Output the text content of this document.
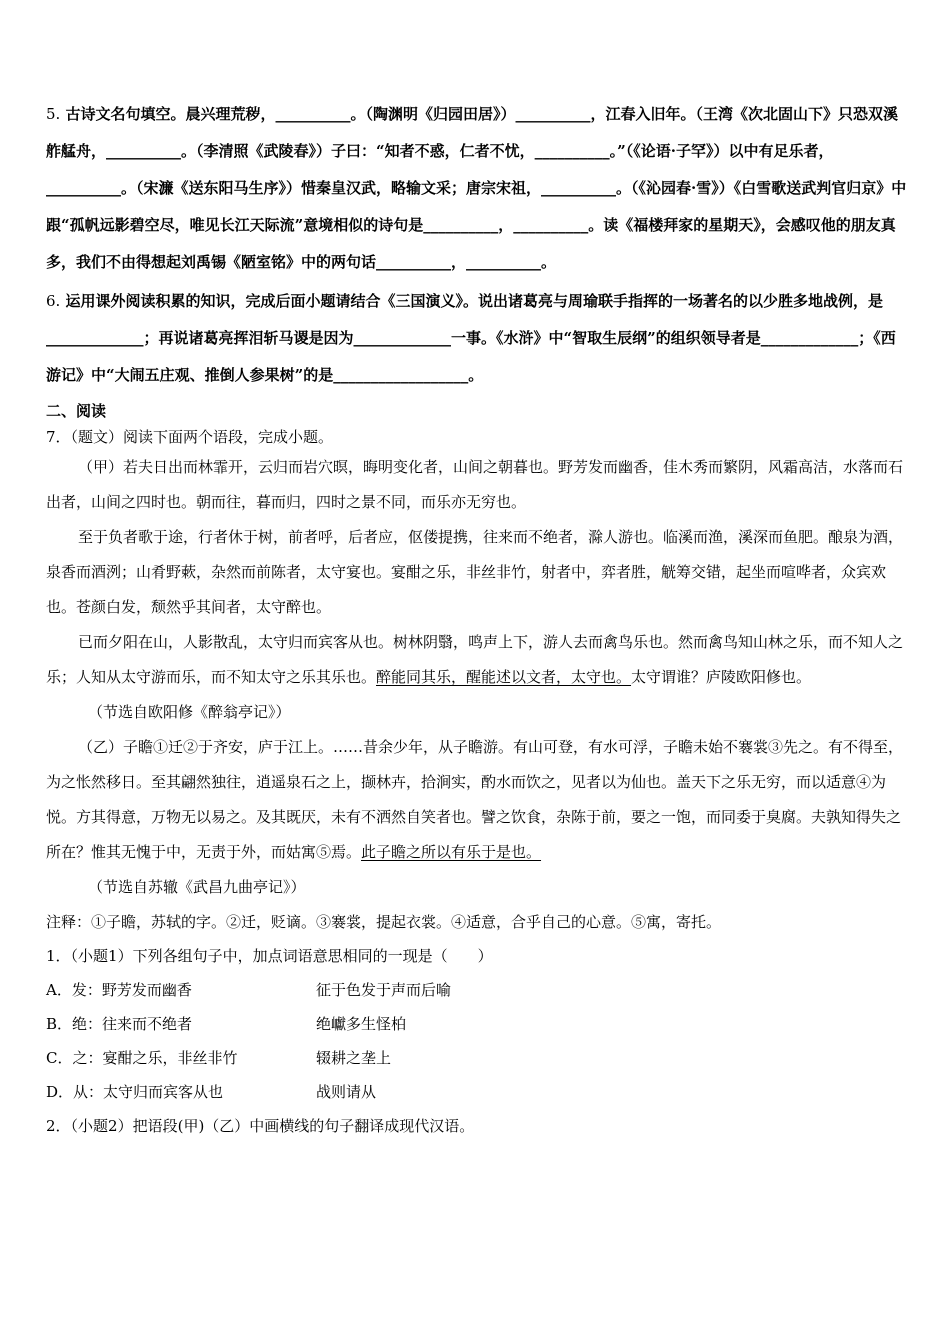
5. 古诗文名句填空。晨兴理荒秽，__________。（陶渊明《归园田居》）__________，江春入旧年。（王湾《次北固山下》只恐双溪舴艋舟，__________。（李清照《武陵春》）子曰：“知者不惑，仁者不忧，__________。”（《论语·子罕》）以中有足乐者，__________。（宋濂《送东阳马生序》）惜秦皇汉武，略输文采；唐宗宋祖，__________。（《沁园春·雪》）《白雪歌送武判官归京》中跟“孤帆远影碧空尽，唯见长江天际流”意境相似的诗句是__________，__________。读《福楼拜家的星期天》，会感叹他的朋友真多，我们不由得想起刘禹锡《陋室铭》中的两句话__________，__________。

6. 运用课外阅读积累的知识，完成后面小题请结合《三国演义》。说出诸葛亮与周瑜联手指挥的一场著名的以少胜多地战例，是_____________；再说诸葛亮挥泪斩马谡是因为_____________一事。《水浒》中“智取生辰纲”的组织领导者是_____________；《西游记》中“大闹五庄观、推倒人参果树”的是__________________。

二、阅读

7．（题文）阅读下面两个语段，完成小题。

（甲）若夫日出而林霏开，云归而岩穴暝，晦明变化者，山间之朝暮也。野芳发而幽香，佳木秀而繁阴，风霜高洁，水落而石出者，山间之四时也。朝而往，暮而归，四时之景不同，而乐亦无穷也。

至于负者歌于途，行者休于树，前者呼，后者应，伛偻提携，往来而不绝者，滁人游也。临溪而渔，溪深而鱼肥。酿泉为酒，泉香而酒洌；山肴野蔌，杂然而前陈者，太守宴也。宴酣之乐，非丝非竹，射者中，弈者胜，觥筹交错，起坐而喧哗者，众宾欢也。苍颜白发，颓然乎其间者，太守醉也。

已而夕阳在山，人影散乱，太守归而宾客从也。树林阴翳，鸣声上下，游人去而禽鸟乐也。然而禽鸟知山林之乐，而不知人之乐；人知从太守游而乐，而不知太守之乐其乐也。醉能同其乐，醒能述以文者，太守也。太守谓谁？庐陵欧阳修也。

（节选自欧阳修《醉翁亭记》）

（乙）子瞻①迁②于齐安，庐于江上。……昔余少年，从子瞻游。有山可登，有水可浮，子瞻未始不褰裳③先之。有不得至，为之怅然移日。至其翩然独往，逍遥泉石之上，撷林卉，拾涧实，酌水而饮之，见者以为仙也。盖天下之乐无穷，而以适意④为悦。方其得意，万物无以易之。及其既厌，未有不洒然自笑者也。譬之饮食，杂陈于前，要之一饱，而同委于臭腐。夫孰知得失之所在？惟其无愧于中，无责于外，而姑寓⑤焉。此子瞻之所以有乐于是也。

（节选自苏辙《武昌九曲亭记》）

注释：①子瞻，苏轼的字。②迁，贬谪。③褰裳，提起衣裳。④适意，合乎自己的心意。⑤寓，寄托。

1．（小题1）下列各组句子中，加点词语意思相同的一现是（　　）

A．发：野芳发而幽香	征于色发于声而后喻
B．绝：往来而不绝者	绝巘多生怪柏
C．之：宴酣之乐，非丝非竹	辍耕之垄上
D．从：太守归而宾客从也	战则请从

2．（小题2）把语段(甲)（乙）中画横线的句子翻译成现代汉语。
